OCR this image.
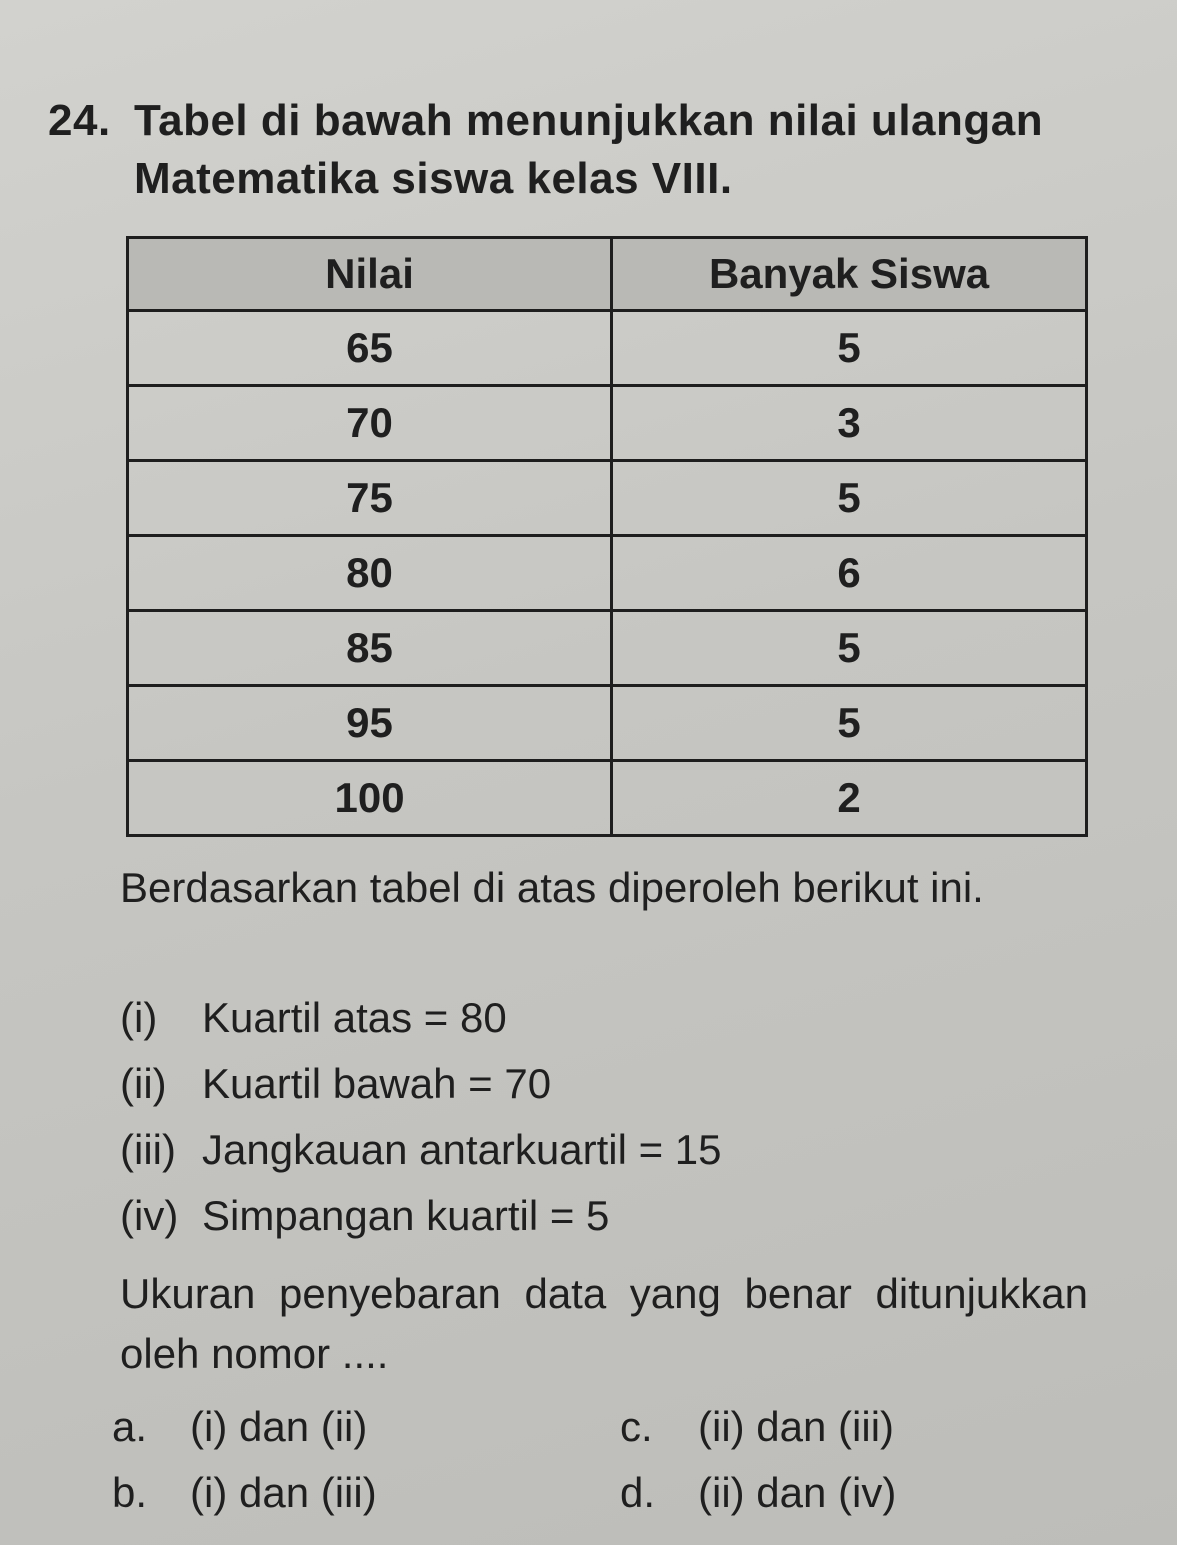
24. Tabel di bawah menunjukkan nilai ulangan
Matematika siswa kelas VIII.
Nilai	Banyak Siswa
65	5
70	3
75	5
80	6
85	5
95	5
100	2
Berdasarkan tabel di atas diperoleh berikut ini.
(i) Kuartil atas = 80
(ii) Kuartil bawah = 70
(iii) Jangkauan antarkuartil = 15
(iv) Simpangan kuartil = 5
Ukuran penyebaran data yang benar ditunjukkan oleh nomor ....
a. (i) dan (ii)	c. (ii) dan (iii)
b. (i) dan (iii)	d. (ii) dan (iv)
